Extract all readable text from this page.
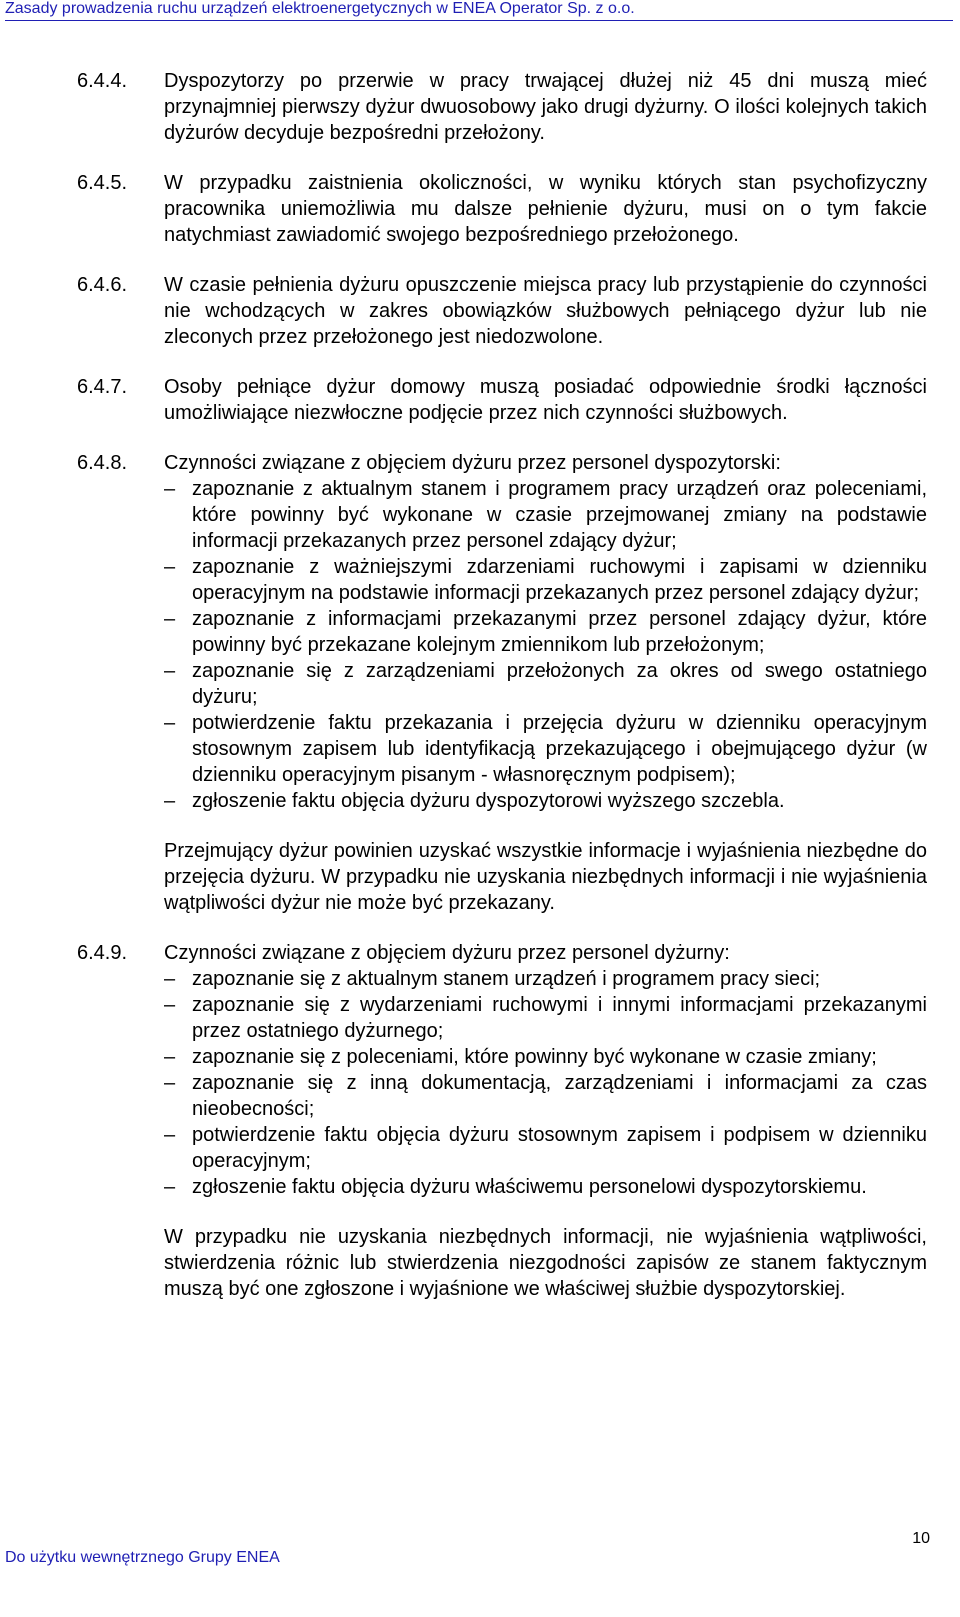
Zasady prowadzenia ruchu urządzeń elektroenergetycznych w ENEA Operator Sp. z o.o.
6.4.4. Dyspozytorzy po przerwie w pracy trwającej dłużej niż 45 dni muszą mieć przynajmniej pierwszy dyżur dwuosobowy jako drugi dyżurny. O ilości kolejnych takich dyżurów decyduje bezpośredni przełożony.

6.4.5. W przypadku zaistnienia okoliczności, w wyniku których stan psychofizyczny pracownika uniemożliwia mu dalsze pełnienie dyżuru, musi on o tym fakcie natychmiast zawiadomić swojego bezpośredniego przełożonego.

6.4.6. W czasie pełnienia dyżuru opuszczenie miejsca pracy lub przystąpienie do czynności nie wchodzących w zakres obowiązków służbowych pełniącego dyżur lub nie zleconych przez przełożonego jest niedozwolone.

6.4.7. Osoby pełniące dyżur domowy muszą posiadać odpowiednie środki łączności umożliwiające niezwłoczne podjęcie przez nich czynności służbowych.

6.4.8. Czynności związane z objęciem dyżuru przez personel dyspozytorski:

– zapoznanie z aktualnym stanem i programem pracy urządzeń oraz poleceniami, które powinny być wykonane w czasie przejmowanej zmiany na podstawie informacji przekazanych przez personel zdający dyżur;
– zapoznanie z ważniejszymi zdarzeniami ruchowymi i zapisami w dzienniku operacyjnym na podstawie informacji przekazanych przez personel zdający dyżur;
– zapoznanie z informacjami przekazanymi przez personel zdający dyżur, które powinny być przekazane kolejnym zmiennikom lub przełożonym;
– zapoznanie się z zarządzeniami przełożonych za okres od swego ostatniego dyżuru;
– potwierdzenie faktu przekazania i przejęcia dyżuru w dzienniku operacyjnym stosownym zapisem lub identyfikacją przekazującego i obejmującego dyżur (w dzienniku operacyjnym pisanym - własnoręcznym podpisem);
– zgłoszenie faktu objęcia dyżuru dyspozytorowi wyższego szczebla.

Przejmujący dyżur powinien uzyskać wszystkie informacje i wyjaśnienia niezbędne do przejęcia dyżuru. W przypadku nie uzyskania niezbędnych informacji i nie wyjaśnienia wątpliwości dyżur nie może być przekazany.

6.4.9. Czynności związane z objęciem dyżuru przez personel dyżurny:

– zapoznanie się z aktualnym stanem urządzeń i programem pracy sieci;
– zapoznanie się z wydarzeniami ruchowymi i innymi informacjami przekazanymi przez ostatniego dyżurnego;
– zapoznanie się z poleceniami, które powinny być wykonane w czasie zmiany;
– zapoznanie się z inną dokumentacją, zarządzeniami i informacjami za czas nieobecności;
– potwierdzenie faktu objęcia dyżuru stosownym zapisem i podpisem w dzienniku operacyjnym;
– zgłoszenie faktu objęcia dyżuru właściwemu personelowi dyspozytorskiemu.

W przypadku nie uzyskania niezbędnych informacji, nie wyjaśnienia wątpliwości, stwierdzenia różnic lub stwierdzenia niezgodności zapisów ze stanem faktycznym muszą być one zgłoszone i wyjaśnione we właściwej służbie dyspozytorskiej.

10
Do użytku wewnętrznego Grupy ENEA
